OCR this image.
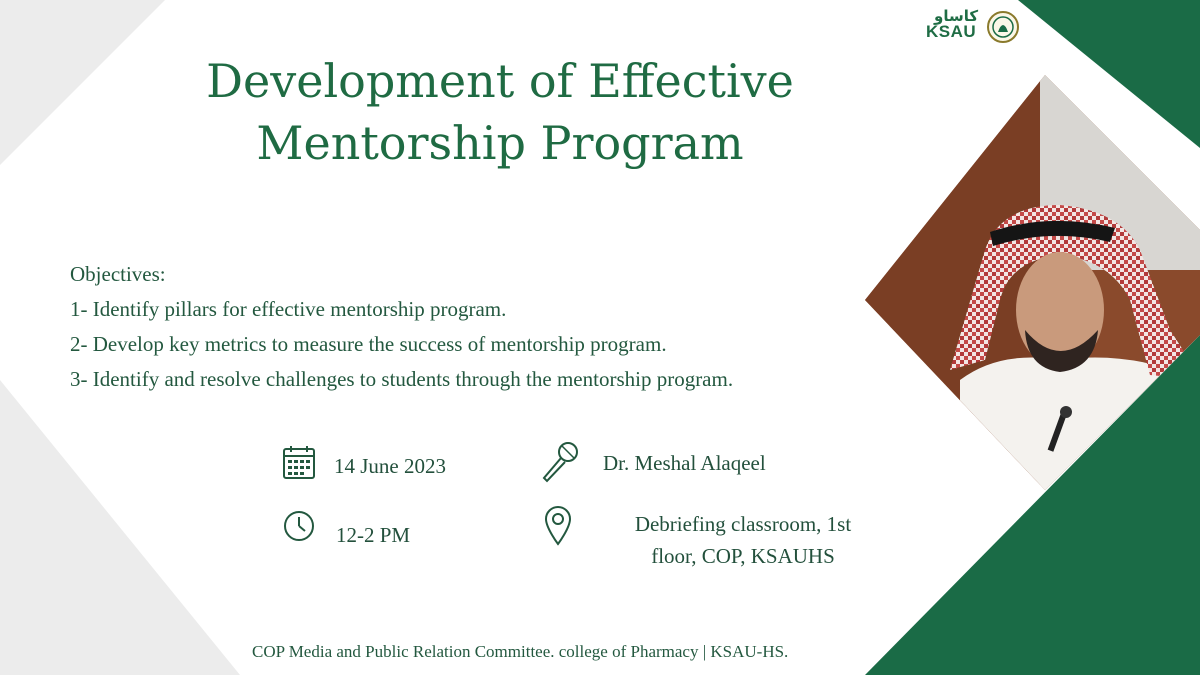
كاساو
KSAU
Development of Effective
Mentorship Program
Objectives:
1- Identify pillars for effective mentorship program.
2- Develop key metrics to measure the success of mentorship program.
3- Identify and resolve challenges to students through the mentorship program.
14 June 2023
12-2 PM
Dr. Meshal Alaqeel
Debriefing classroom, 1st
floor, COP, KSAUHS
COP Media and Public Relation Committee. college of Pharmacy | KSAU-HS.
